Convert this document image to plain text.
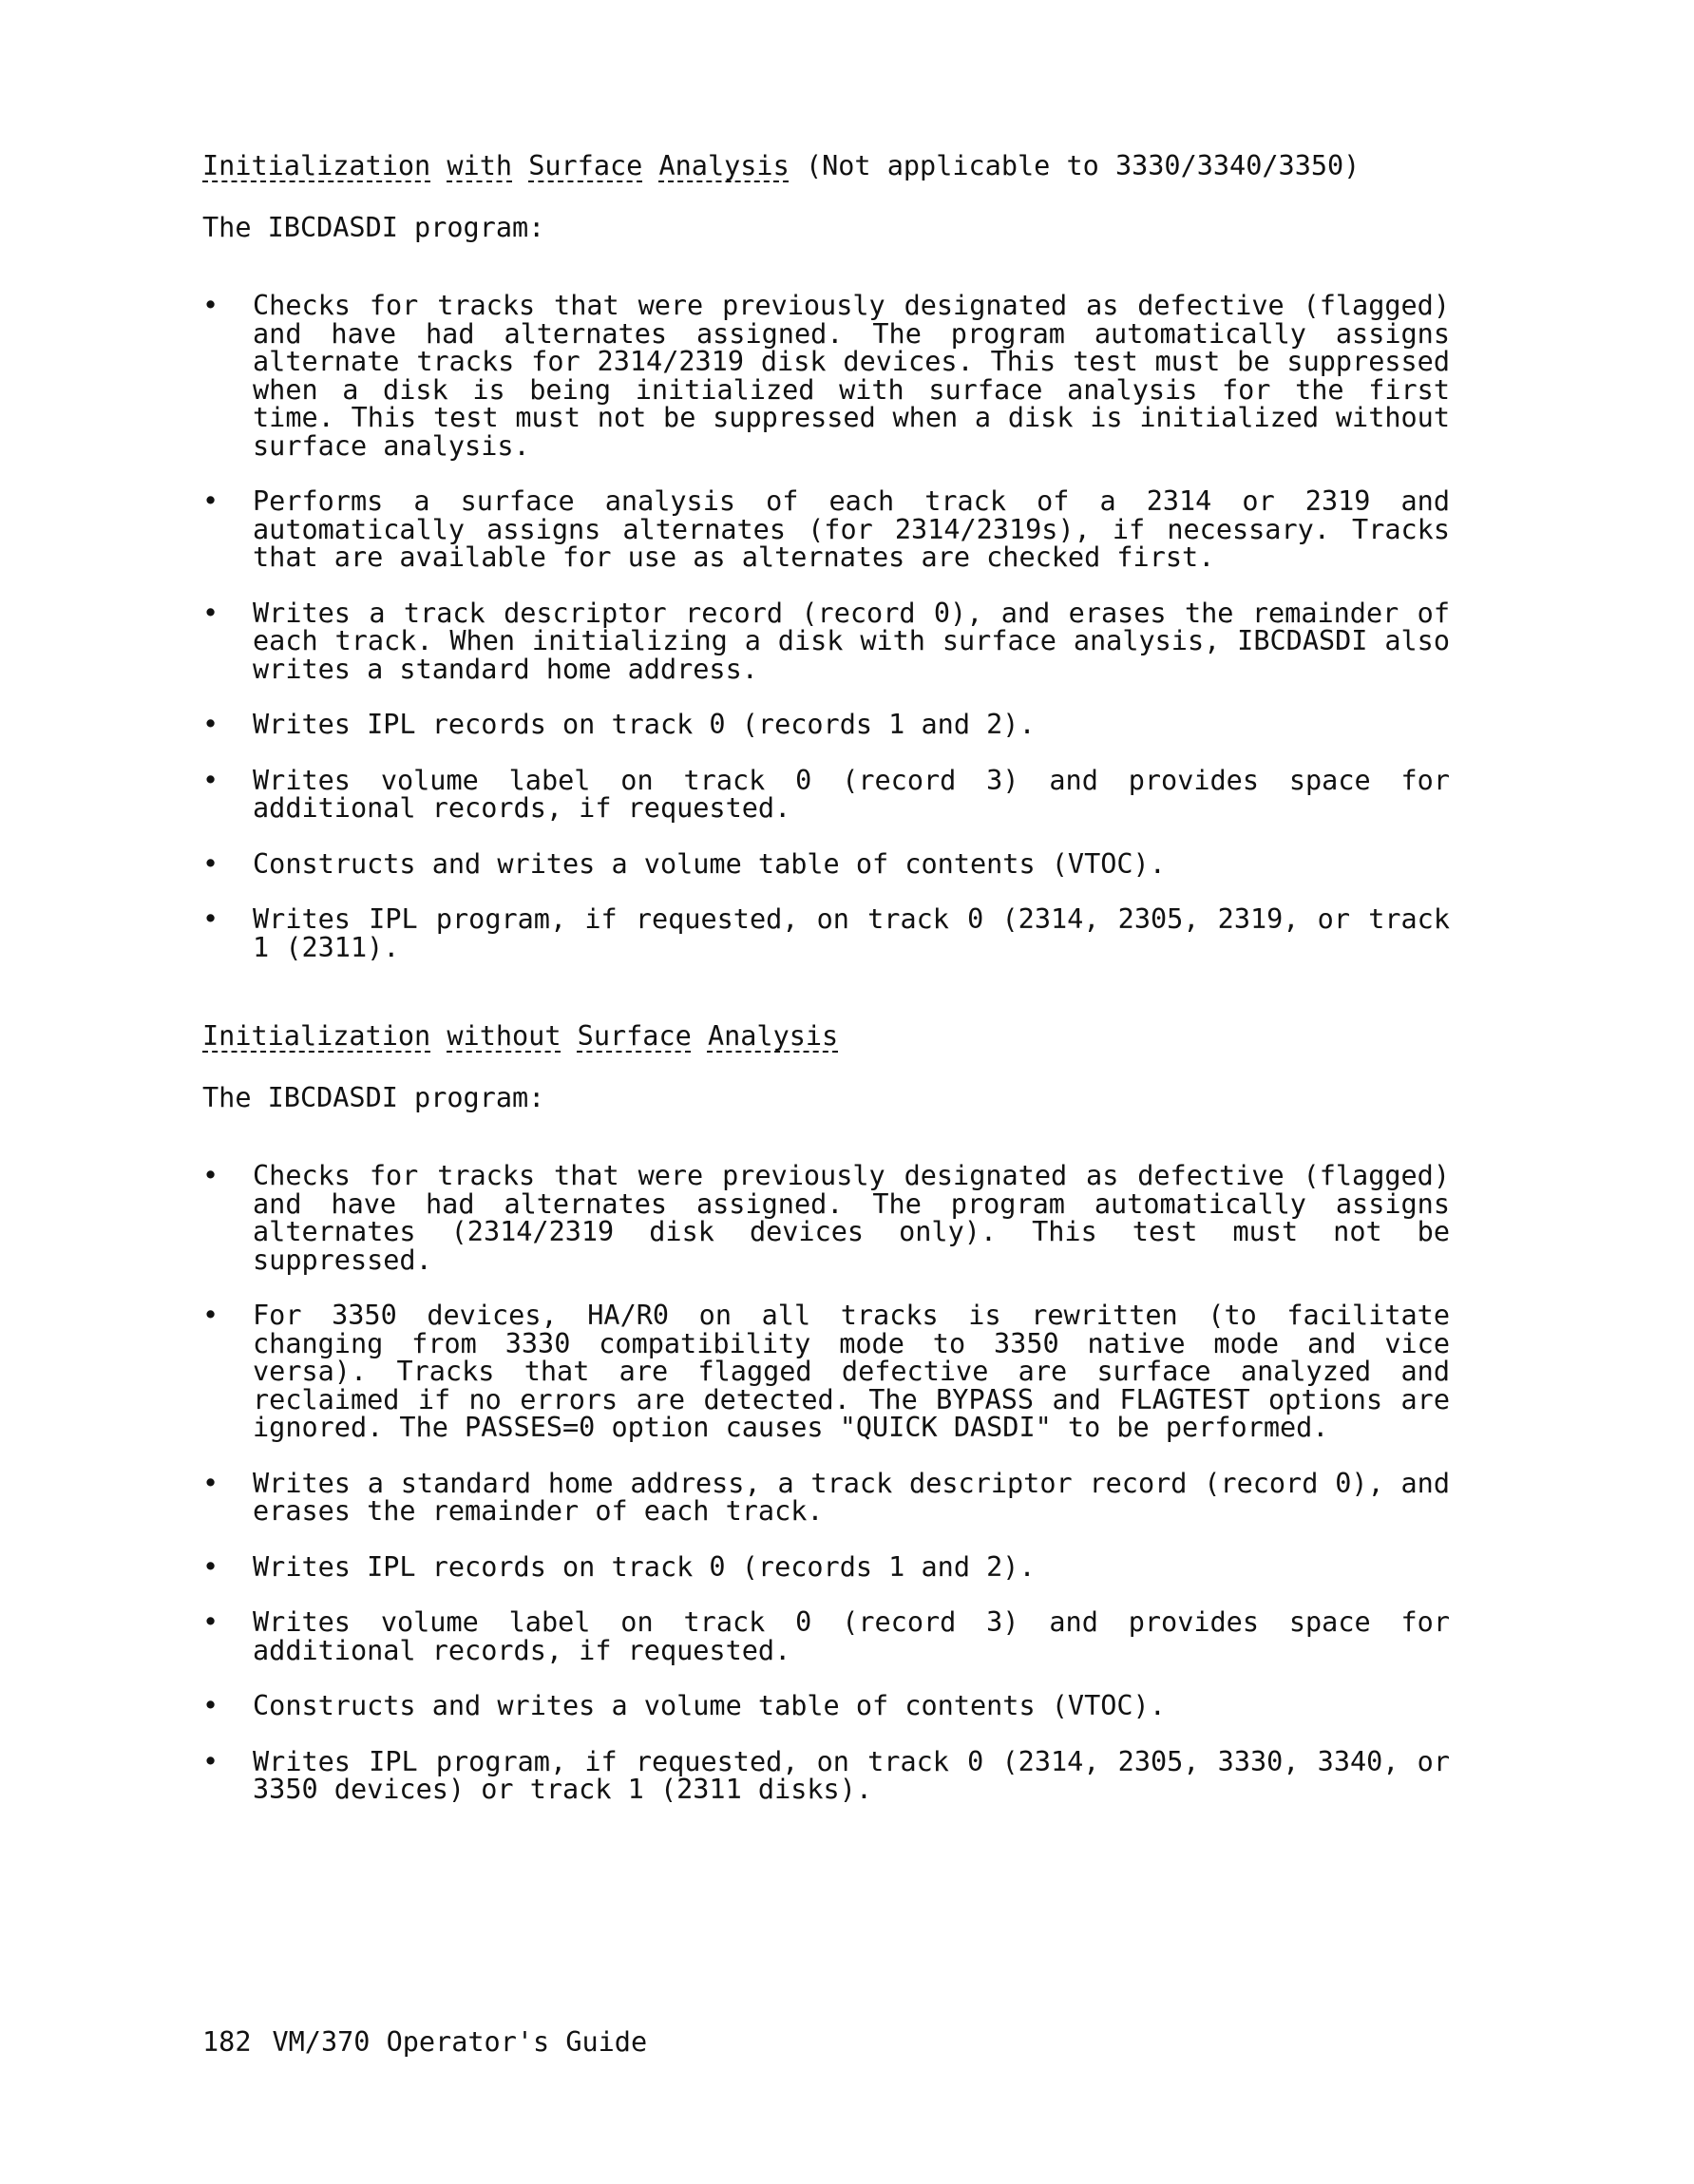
Initialization with Surface Analysis (Not applicable to 3330/3340/3350)

The IBCDASDI program:

• Checks for tracks that were previously designated as defective (flagged) and have had alternates assigned. The program automatically assigns alternate tracks for 2314/2319 disk devices. This test must be suppressed when a disk is being initialized with surface analysis for the first time. This test must not be suppressed when a disk is initialized without surface analysis.
• Performs a surface analysis of each track of a 2314 or 2319 and automatically assigns alternates (for 2314/2319s), if necessary. Tracks that are available for use as alternates are checked first.
• Writes a track descriptor record (record 0), and erases the remainder of each track. When initializing a disk with surface analysis, IBCDASDI also writes a standard home address.
• Writes IPL records on track 0 (records 1 and 2).
• Writes volume label on track 0 (record 3) and provides space for additional records, if requested.
• Constructs and writes a volume table of contents (VTOC).
• Writes IPL program, if requested, on track 0 (2314, 2305, 2319, or track 1 (2311).

Initialization without Surface Analysis

The IBCDASDI program:

• Checks for tracks that were previously designated as defective (flagged) and have had alternates assigned. The program automatically assigns alternates (2314/2319 disk devices only). This test must not be suppressed.
• For 3350 devices, HA/R0 on all tracks is rewritten (to facilitate changing from 3330 compatibility mode to 3350 native mode and vice versa). Tracks that are flagged defective are surface analyzed and reclaimed if no errors are detected. The BYPASS and FLAGTEST options are ignored. The PASSES=0 option causes "QUICK DASDI" to be performed.
• Writes a standard home address, a track descriptor record (record 0), and erases the remainder of each track.
• Writes IPL records on track 0 (records 1 and 2).
• Writes volume label on track 0 (record 3) and provides space for additional records, if requested.
• Constructs and writes a volume table of contents (VTOC).
• Writes IPL program, if requested, on track 0 (2314, 2305, 3330, 3340, or 3350 devices) or track 1 (2311 disks).
182 VM/370 Operator's Guide
